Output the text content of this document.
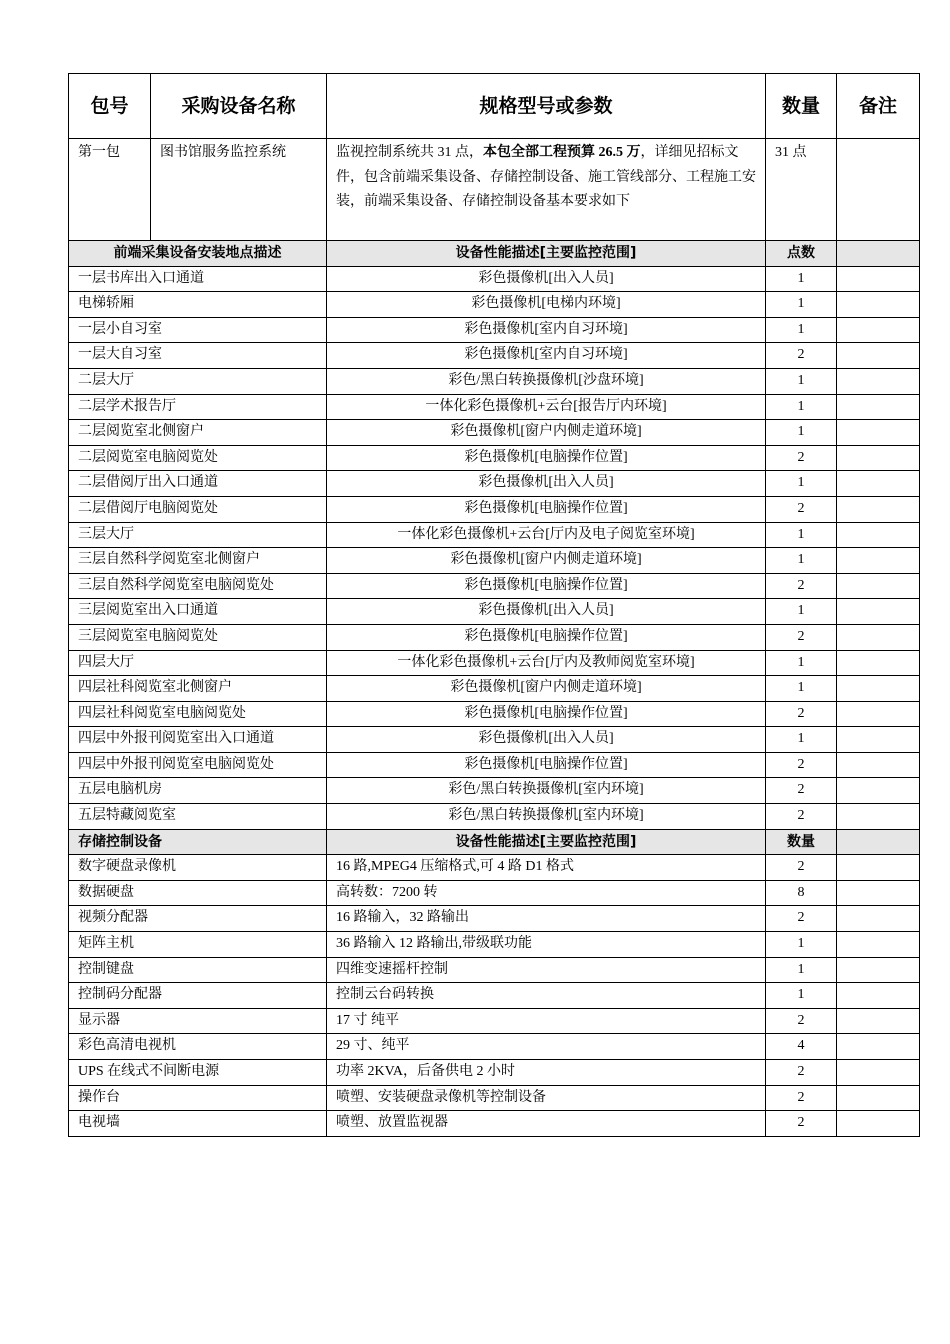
包号	采购设备名称	规格型号或参数	数量	备注
第一包	图书馆服务监控系统	监视控制系统共 31 点，本包全部工程预算 26.5 万，详细见招标文件，包含前端采集设备、存储控制设备、施工管线部分、工程施工安装，前端采集设备、存储控制设备基本要求如下	31 点	
前端采集设备安装地点描述		设备性能描述[主要监控范围]	点数	
一层书库出入口通道		彩色摄像机[出入人员]	1	
电梯轿厢		彩色摄像机[电梯内环境]	1	
一层小自习室		彩色摄像机[室内自习环境]	1	
一层大自习室		彩色摄像机[室内自习环境]	2	
二层大厅		彩色/黑白转换摄像机[沙盘环境]	1	
二层学术报告厅		一体化彩色摄像机+云台[报告厅内环境]	1	
二层阅览室北侧窗户		彩色摄像机[窗户内侧走道环境]	1	
二层阅览室电脑阅览处		彩色摄像机[电脑操作位置]	2	
二层借阅厅出入口通道		彩色摄像机[出入人员]	1	
二层借阅厅电脑阅览处		彩色摄像机[电脑操作位置]	2	
三层大厅		一体化彩色摄像机+云台[厅内及电子阅览室环境]	1	
三层自然科学阅览室北侧窗户		彩色摄像机[窗户内侧走道环境]	1	
三层自然科学阅览室电脑阅览处		彩色摄像机[电脑操作位置]	2	
三层阅览室出入口通道		彩色摄像机[出入人员]	1	
三层阅览室电脑阅览处		彩色摄像机[电脑操作位置]	2	
四层大厅		一体化彩色摄像机+云台[厅内及教师阅览室环境]	1	
四层社科阅览室北侧窗户		彩色摄像机[窗户内侧走道环境]	1	
四层社科阅览室电脑阅览处		彩色摄像机[电脑操作位置]	2	
四层中外报刊阅览室出入口通道		彩色摄像机[出入人员]	1	
四层中外报刊阅览室电脑阅览处		彩色摄像机[电脑操作位置]	2	
五层电脑机房		彩色/黑白转换摄像机[室内环境]	2	
五层特藏阅览室		彩色/黑白转换摄像机[室内环境]	2	
存储控制设备		设备性能描述[主要监控范围]	数量	
数字硬盘录像机		16 路,MPEG4 压缩格式,可 4 路 D1 格式	2	
数据硬盘		高转数：7200 转	8	
视频分配器		16 路输入，32 路输出	2	
矩阵主机		36 路输入 12 路输出,带级联功能	1	
控制键盘		四维变速摇杆控制	1	
控制码分配器		控制云台码转换	1	
显示器		17 寸 纯平	2	
彩色高清电视机		29 寸、纯平	4	
UPS 在线式不间断电源		功率 2KVA，后备供电 2 小时	2	
操作台		喷塑、安装硬盘录像机等控制设备	2	
电视墙		喷塑、放置监视器	2	
